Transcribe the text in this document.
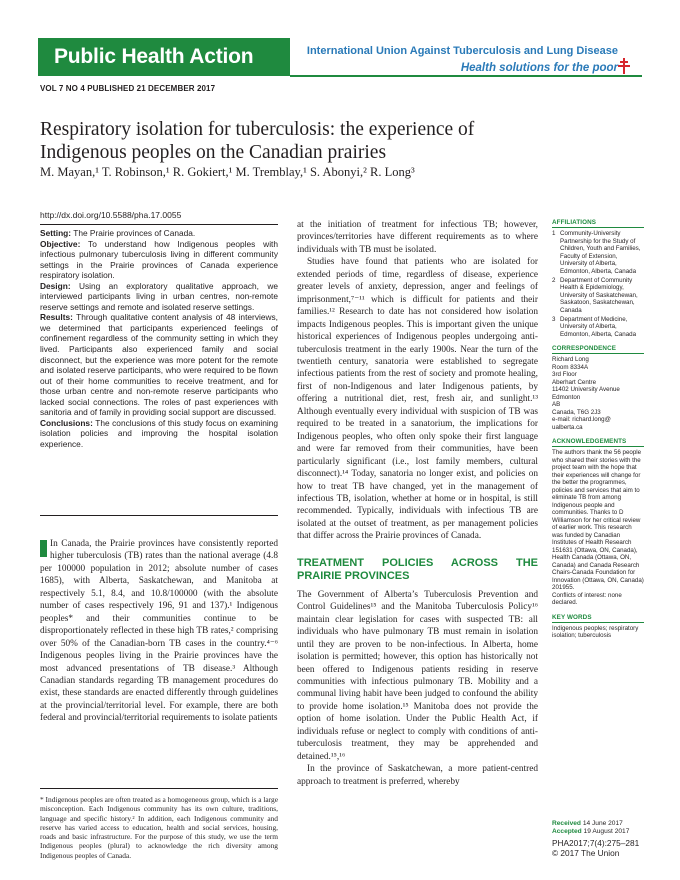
Public Health Action	International Union Against Tuberculosis and Lung Disease
Health solutions for the poor
VOL 7 NO 4 PUBLISHED 21 DECEMBER 2017
Respiratory isolation for tuberculosis: the experience of
Indigenous peoples on the Canadian prairies
M. Mayan,¹ T. Robinson,¹ R. Gokiert,¹ M. Tremblay,¹ S. Abonyi,² R. Long³
http://dx.doi.org/10.5588/pha.17.0055

Setting: The Prairie provinces of Canada.

Objective: To understand how Indigenous peoples with infectious pulmonary tuberculosis living in different community settings in the Prairie provinces of Canada experience respiratory isolation.

Design: Using an exploratory qualitative approach, we interviewed participants living in urban centres, non-remote reserve settings and remote and isolated reserve settings.

Results: Through qualitative content analysis of 48 interviews, we determined that participants experienced feelings of confinement regardless of the community setting in which they lived. Participants also experienced family and social disconnect, but the experience was more potent for the remote and isolated reserve participants, who were required to be flown out of their home communities to receive treatment, and for those urban centre and non-remote reserve participants who lacked social connections. The roles of past experiences with sanitoria and of family in providing social support are discussed.

Conclusions: The conclusions of this study focus on examining isolation policies and improving the hospital isolation experience.

In Canada, the Prairie provinces have consistently reported higher tuberculosis (TB) rates than the national average (4.8 per 100000 population in 2012; absolute number of cases 1685), with Alberta, Saskatchewan, and Manitoba at respectively 5.1, 8.4, and 10.8/100000 (with the absolute number of cases respectively 196, 91 and 137).¹ Indigenous peoples* and their communities continue to be disproportionately reflected in these high TB rates,² comprising over 50% of the Canadian-born TB cases in the country.⁴⁻⁶ Indigenous peoples living in the Prairie provinces have the most advanced presentations of TB disease.³ Although Canadian standards regarding TB management procedures do exist, these standards are enacted differently through guidelines at the provincial/territorial level. For example, there are both federal and provincial/territorial requirements to isolate patients
* Indigenous peoples are often treated as a homogeneous group, which is a large misconception. Each Indigenous community has its own culture, traditions, language and specific history.² In addition, each Indigenous community and reserve has varied access to education, health and social services, housing, roads and basic infrastructure. For the purpose of this study, we use the term Indigenous peoples (plural) to acknowledge the rich diversity among Indigenous peoples of Canada.

at the initiation of treatment for infectious TB; however, provinces/territories have different requirements as to where individuals with TB must be isolated.

Studies have found that patients who are isolated for extended periods of time, regardless of disease, experience greater levels of anxiety, depression, anger and feelings of imprisonment,⁷⁻¹¹ which is difficult for patients and their families.¹² Research to date has not considered how isolation impacts Indigenous peoples. This is important given the unique historical experiences of Indigenous peoples undergoing anti-tuberculosis treatment in the early 1900s. Near the turn of the twentieth century, sanatoria were established to segregate infectious patients from the rest of society and promote healing, first of non-Indigenous and later Indigenous patients, by offering a nutritional diet, rest, fresh air, and sunlight.¹³ Although eventually every individual with suspicion of TB was required to be treated in a sanatorium, the implications for Indigenous peoples, who often only spoke their first language and were far removed from their communities, have been particularly significant (i.e., lost family members, cultural disconnect).¹⁴ Today, sanatoria no longer exist, and policies on how to treat TB have changed, yet in the management of infectious TB, isolation, whether at home or in hospital, is still recommended. Typically, individuals with infectious TB are isolated at the outset of treatment, as per management policies that differ across the Prairie provinces of Canada.

TREATMENT POLICIES ACROSS THE PRAIRIE PROVINCES

The Government of Alberta’s Tuberculosis Prevention and Control Guidelines¹⁵ and the Manitoba Tuberculosis Policy¹⁶ maintain clear legislation for cases with suspected TB: all individuals who have pulmonary TB must remain in isolation until they are proven to be non-infectious. In Alberta, home isolation is permitted; however, this option has historically not been offered to Indigenous patients residing in reserve communities with infectious pulmonary TB. Mobility and a communal living habit have been judged to confound the ability to provide home isolation.¹⁵ Manitoba does not provide the option of home isolation. Under the Public Health Act, if individuals refuse or neglect to comply with conditions of anti-tuberculosis treatment, they may be apprehended and detained.¹⁵,¹⁶

In the province of Saskatchewan, a more patient-centred approach to treatment is preferred, whereby

AFFILIATIONS
1 Community-University Partnership for the Study of Children, Youth and Families, Faculty of Extension, University of Alberta, Edmonton, Alberta, Canada
2 Department of Community Health & Epidemiology, University of Saskatchewan, Saskatoon, Saskatchewan, Canada
3 Department of Medicine, University of Alberta, Edmonton, Alberta, Canada
CORRESPONDENCE
Richard Long
Room 8334A
3rd Floor
Aberhart Centre
11402 University Avenue
Edmonton
AB
Canada, T6G 2J3
e-mail: richard.long@
ualberta.ca
ACKNOWLEDGEMENTS
The authors thank the 56 people who shared their stories with the project team with the hope that their experiences will change for the better the programmes, policies and services that aim to eliminate TB from among Indigenous people and communities. Thanks to D Williamson for her critical review of earlier work. This research was funded by Canadian Institutes of Health Research 151631 (Ottawa, ON, Canada), Health Canada (Ottawa, ON, Canada) and Canada Research Chairs-Canada Foundation for Innovation (Ottawa, ON, Canada) 201955.
Conflicts of interest: none declared.
KEY WORDS
Indigenous peoples; respiratory isolation; tuberculosis
Received 14 June 2017
Accepted 19 August 2017
PHA2017;7(4):275–281
© 2017 The Union
